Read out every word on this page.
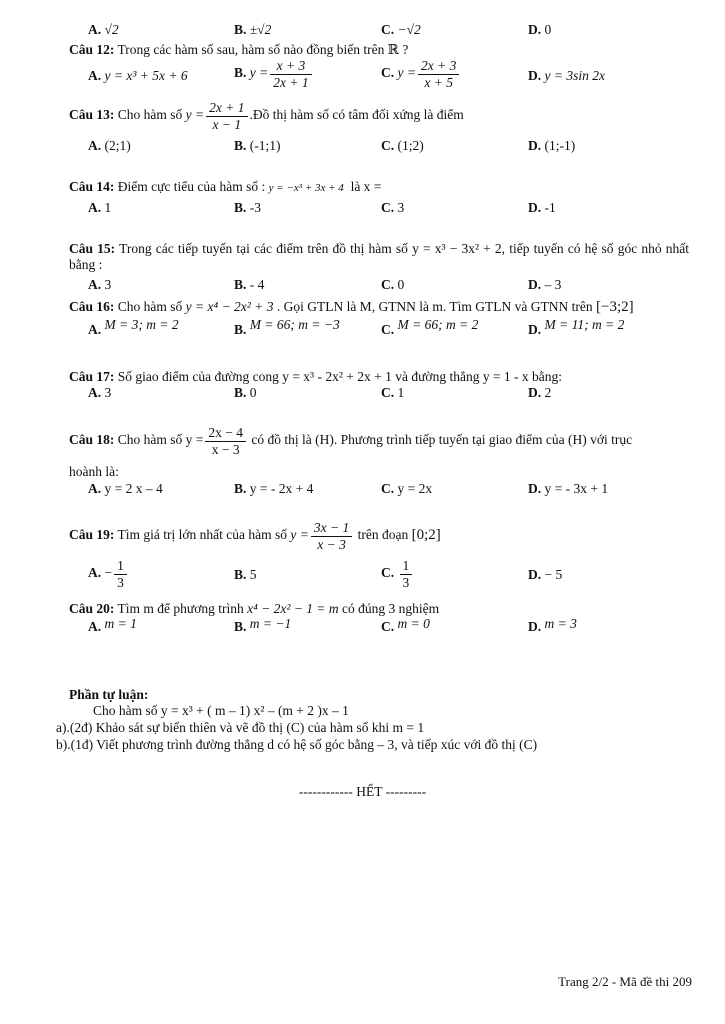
A. √2	B. ±√2	C. −√2	D. 0
Câu 12: Trong các hàm số sau, hàm số nào đồng biến trên ℝ ?
A. y = x³ + 5x + 6	B. $y = \frac{x + 3}{2x + 1}$	C. $y = \frac{2x + 3}{x + 5}$	D. y = 3sin 2x
Câu 13: Cho hàm số $y = \frac{2x + 1}{x - 1}$ .Đồ thị hàm số có tâm đối xứng là điểm
A. (2;1)	B. (-1;1)	C. (1;2)	D. (1;-1)
Câu 14: Điểm cực tiểu của hàm số : y = −x³ + 3x + 4 là x =
A. 1	B. -3	C. 3	D. -1
Câu 15: Trong các tiếp tuyến tại các điểm trên đồ thị hàm số y = x³ − 3x² + 2, tiếp tuyến có hệ số góc nhỏ nhất bằng :
A. 3	B. - 4	C. 0	D. – 3
Câu 16: Cho hàm số y = x⁴ − 2x² + 3 . Gọi GTLN là M, GTNN là m. Tìm GTLN và GTNN trên [−3;2]
A. M = 3; m = 2	B. M = 66; m = −3	C. M = 66; m = 2	D. M = 11; m = 2
Câu 17: Số giao điểm của đường cong y = x³ - 2x² + 2x + 1 và đường thẳng y = 1 - x bằng:
A. 3	B. 0	C. 1	D. 2
Câu 18: Cho hàm số $y = \frac{2x - 4}{x - 3}$ có đồ thị là (H). Phương trình tiếp tuyến tại giao điểm của (H) với trục
hoành là:
A. y = 2 x – 4	B. y = - 2x + 4	C. y = 2x	D. y = - 3x + 1
Câu 19: Tìm giá trị lớn nhất của hàm số $y = \frac{3x - 1}{x - 3}$ trên đoạn [0;2]
A. − $\frac{1}{3}$	B. 5	C. $\frac{1}{3}$	D. − 5
Câu 20: Tìm m để phương trình x⁴ − 2x² − 1 = m có đúng 3 nghiệm
A. m = 1	B. m = −1	C. m = 0	D. m = 3
Phần tự luận:
Cho hàm số y = x³ + ( m – 1) x² – (m + 2 )x – 1
a).(2đ) Khảo sát sự biến thiên và vẽ đồ thị (C) của hàm số khi m = 1
b).(1đ) Viết phương trình đường thẳng d có hệ số góc bằng – 3, và tiếp xúc với đồ thị (C)
------------ HẾT ---------
Trang 2/2 - Mã đề thi 209
